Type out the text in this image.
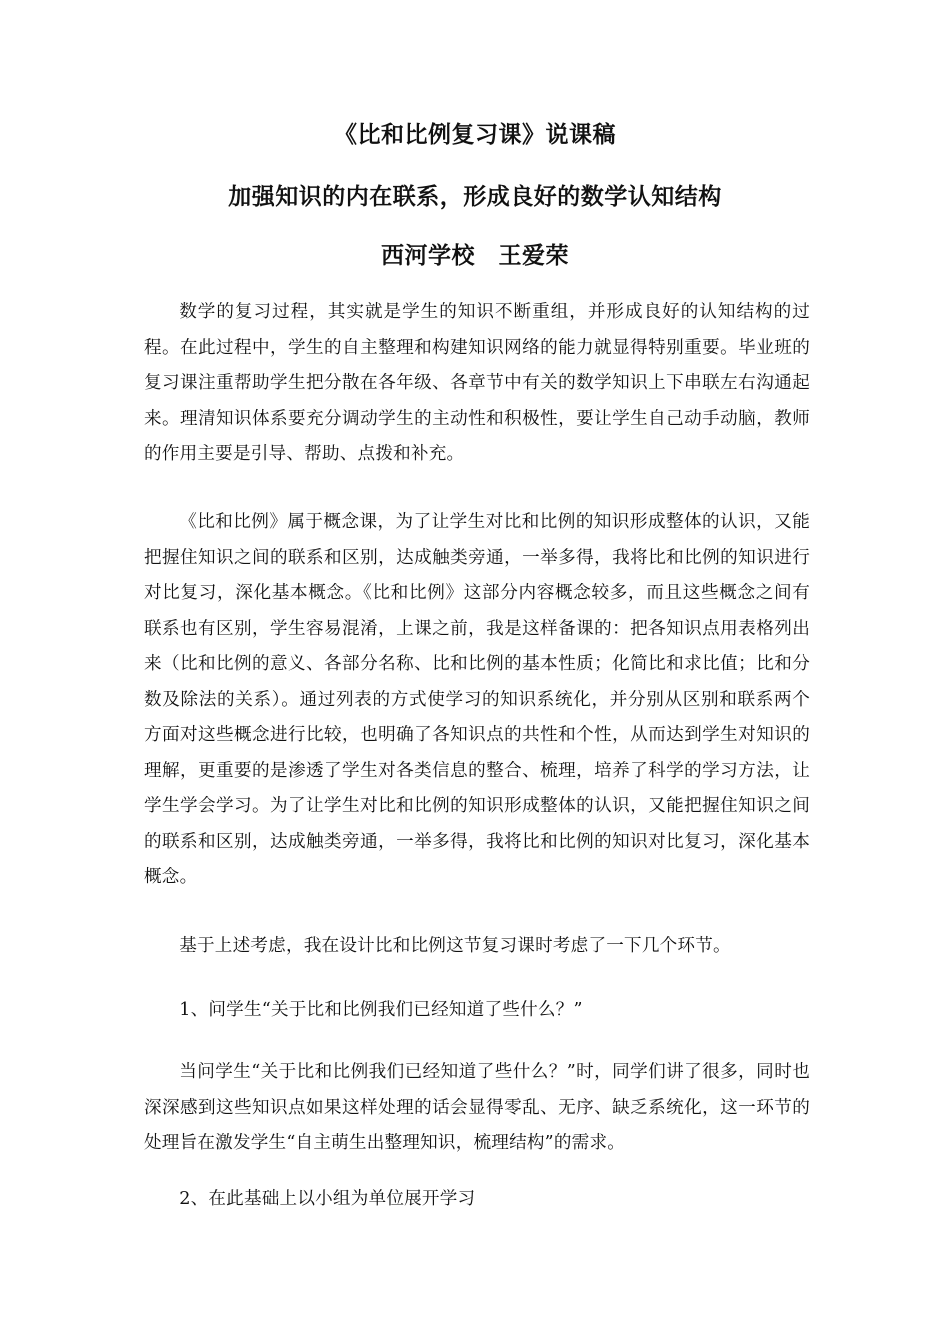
《比和比例复习课》说课稿
加强知识的内在联系，形成良好的数学认知结构
西河学校　王爱荣

数学的复习过程，其实就是学生的知识不断重组，并形成良好的认知结构的过程。在此过程中，学生的自主整理和构建知识网络的能力就显得特别重要。毕业班的复习课注重帮助学生把分散在各年级、各章节中有关的数学知识上下串联左右沟通起来。理清知识体系要充分调动学生的主动性和积极性，要让学生自己动手动脑，教师的作用主要是引导、帮助、点拨和补充。

《比和比例》属于概念课，为了让学生对比和比例的知识形成整体的认识，又能把握住知识之间的联系和区别，达成触类旁通，一举多得，我将比和比例的知识进行对比复习，深化基本概念。《比和比例》这部分内容概念较多，而且这些概念之间有联系也有区别，学生容易混淆，上课之前，我是这样备课的：把各知识点用表格列出来（比和比例的意义、各部分名称、比和比例的基本性质；化简比和求比值；比和分数及除法的关系）。通过列表的方式使学习的知识系统化，并分别从区别和联系两个方面对这些概念进行比较，也明确了各知识点的共性和个性，从而达到学生对知识的理解，更重要的是渗透了学生对各类信息的整合、梳理，培养了科学的学习方法，让学生学会学习。为了让学生对比和比例的知识形成整体的认识，又能把握住知识之间的联系和区别，达成触类旁通，一举多得，我将比和比例的知识对比复习，深化基本概念。

基于上述考虑，我在设计比和比例这节复习课时考虑了一下几个环节。

1、问学生“关于比和比例我们已经知道了些什么？”

当问学生“关于比和比例我们已经知道了些什么？”时，同学们讲了很多，同时也深深感到这些知识点如果这样处理的话会显得零乱、无序、缺乏系统化，这一环节的处理旨在激发学生“自主萌生出整理知识，梳理结构”的需求。

2、在此基础上以小组为单位展开学习
